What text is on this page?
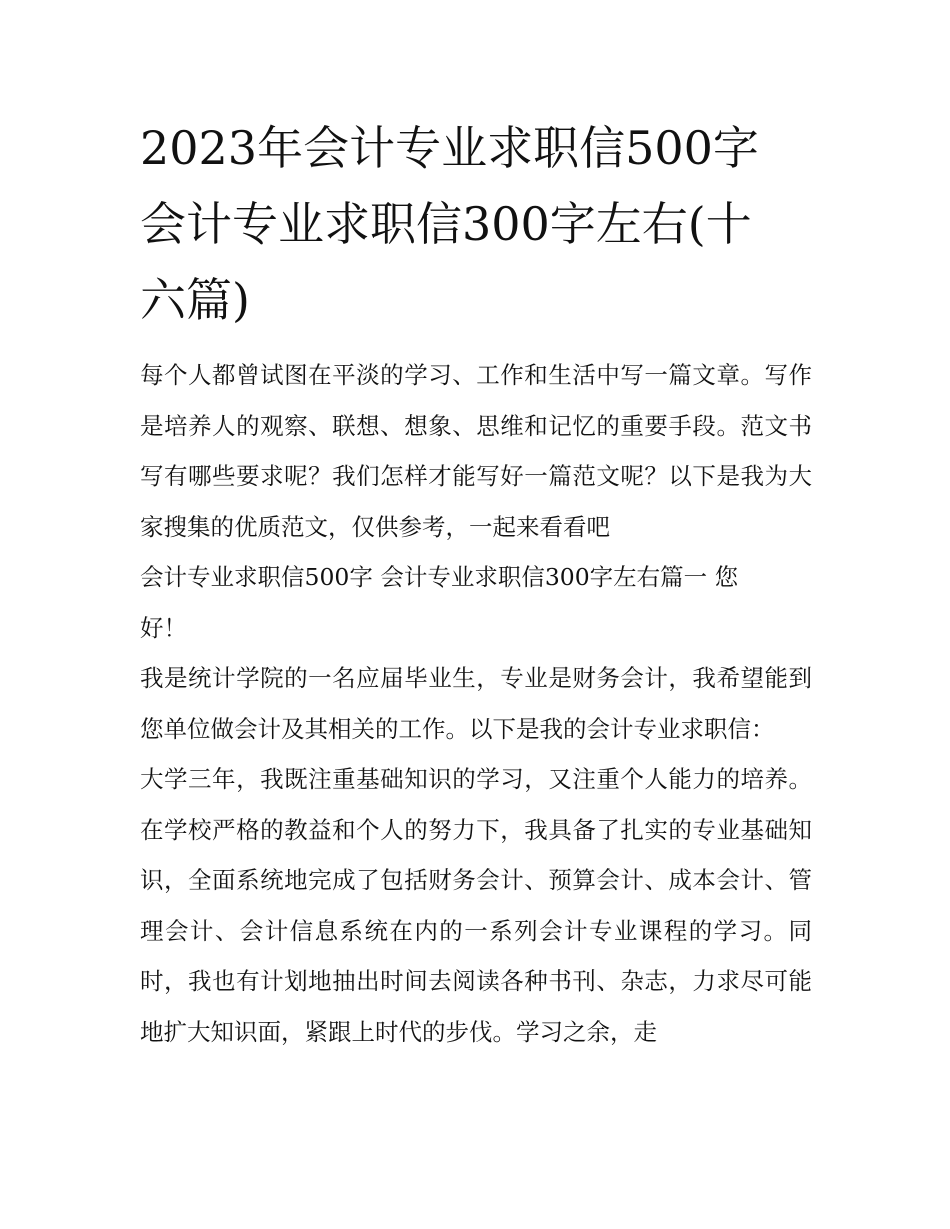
2023年会计专业求职信500字
会计专业求职信300字左右(十
六篇)

每个人都曾试图在平淡的学习、工作和生活中写一篇文章。写作是培养人的观察、联想、想象、思维和记忆的重要手段。范文书写有哪些要求呢？我们怎样才能写好一篇范文呢？以下是我为大家搜集的优质范文，仅供参考，一起来看看吧

会计专业求职信500字 会计专业求职信300字左右篇一 您好！

我是统计学院的一名应届毕业生，专业是财务会计，我希望能到您单位做会计及其相关的工作。以下是我的会计专业求职信：

大学三年，我既注重基础知识的学习，又注重个人能力的培养。在学校严格的教益和个人的努力下，我具备了扎实的专业基础知识，全面系统地完成了包括财务会计、预算会计、成本会计、管理会计、会计信息系统在内的一系列会计专业课程的学习。同时，我也有计划地抽出时间去阅读各种书刊、杂志，力求尽可能地扩大知识面，紧跟上时代的步伐。学习之余，走
